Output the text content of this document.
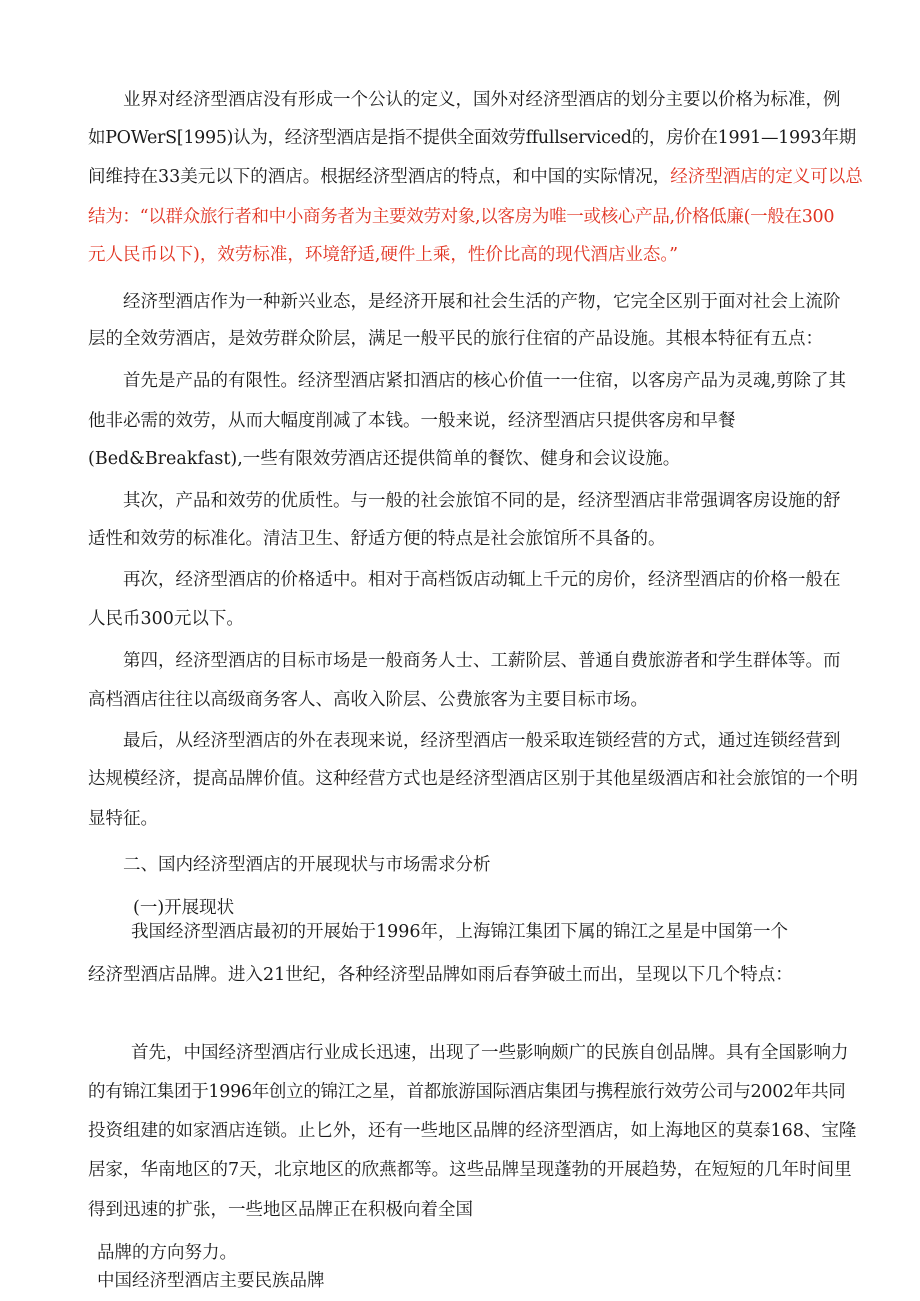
业界对经济型酒店没有形成一个公认的定义，国外对经济型酒店的划分主要以价格为标准，例
如POWerS[1995)认为，经济型酒店是指不提供全面效劳ffullserviced的，房价在1991—1993年期
间维持在33美元以下的酒店。根据经济型酒店的特点，和中国的实际情况，经济型酒店的定义可以总
结为：“以群众旅行者和中小商务者为主要效劳对象,以客房为唯一或核心产品,价格低廉(一般在300
元人民币以下)，效劳标准，环境舒适,硬件上乘，性价比高的现代酒店业态。”
经济型酒店作为一种新兴业态，是经济开展和社会生活的产物，它完全区别于面对社会上流阶
层的全效劳酒店，是效劳群众阶层，满足一般平民的旅行住宿的产品设施。其根本特征有五点：
首先是产品的有限性。经济型酒店紧扣酒店的核心价值一一住宿，以客房产品为灵魂,剪除了其
他非必需的效劳，从而大幅度削减了本钱。一般来说，经济型酒店只提供客房和早餐
(Bed&Breakfast),一些有限效劳酒店还提供简单的餐饮、健身和会议设施。
其次，产品和效劳的优质性。与一般的社会旅馆不同的是，经济型酒店非常强调客房设施的舒
适性和效劳的标准化。清洁卫生、舒适方便的特点是社会旅馆所不具备的。
再次，经济型酒店的价格适中。相对于高档饭店动辄上千元的房价，经济型酒店的价格一般在
人民币300元以下。
第四，经济型酒店的目标市场是一般商务人士、工薪阶层、普通自费旅游者和学生群体等。而
高档酒店往往以高级商务客人、高收入阶层、公费旅客为主要目标市场。
最后，从经济型酒店的外在表现来说，经济型酒店一般采取连锁经营的方式，通过连锁经营到
达规模经济，提高品牌价值。这种经营方式也是经济型酒店区别于其他星级酒店和社会旅馆的一个明
显特征。
二、国内经济型酒店的开展现状与市场需求分析
(一)开展现状
我国经济型酒店最初的开展始于1996年，上海锦江集团下属的锦江之星是中国第一个
经济型酒店品牌。进入21世纪，各种经济型品牌如雨后春笋破土而出，呈现以下几个特点：
首先，中国经济型酒店行业成长迅速，出现了一些影响颇广的民族自创品牌。具有全国影响力
的有锦江集团于1996年创立的锦江之星，首都旅游国际酒店集团与携程旅行效劳公司与2002年共同
投资组建的如家酒店连锁。止匕外，还有一些地区品牌的经济型酒店，如上海地区的莫泰168、宝隆
居家，华南地区的7天，北京地区的欣燕都等。这些品牌呈现蓬勃的开展趋势，在短短的几年时间里
得到迅速的扩张，一些地区品牌正在积极向着全国
品牌的方向努力。
中国经济型酒店主要民族品牌
